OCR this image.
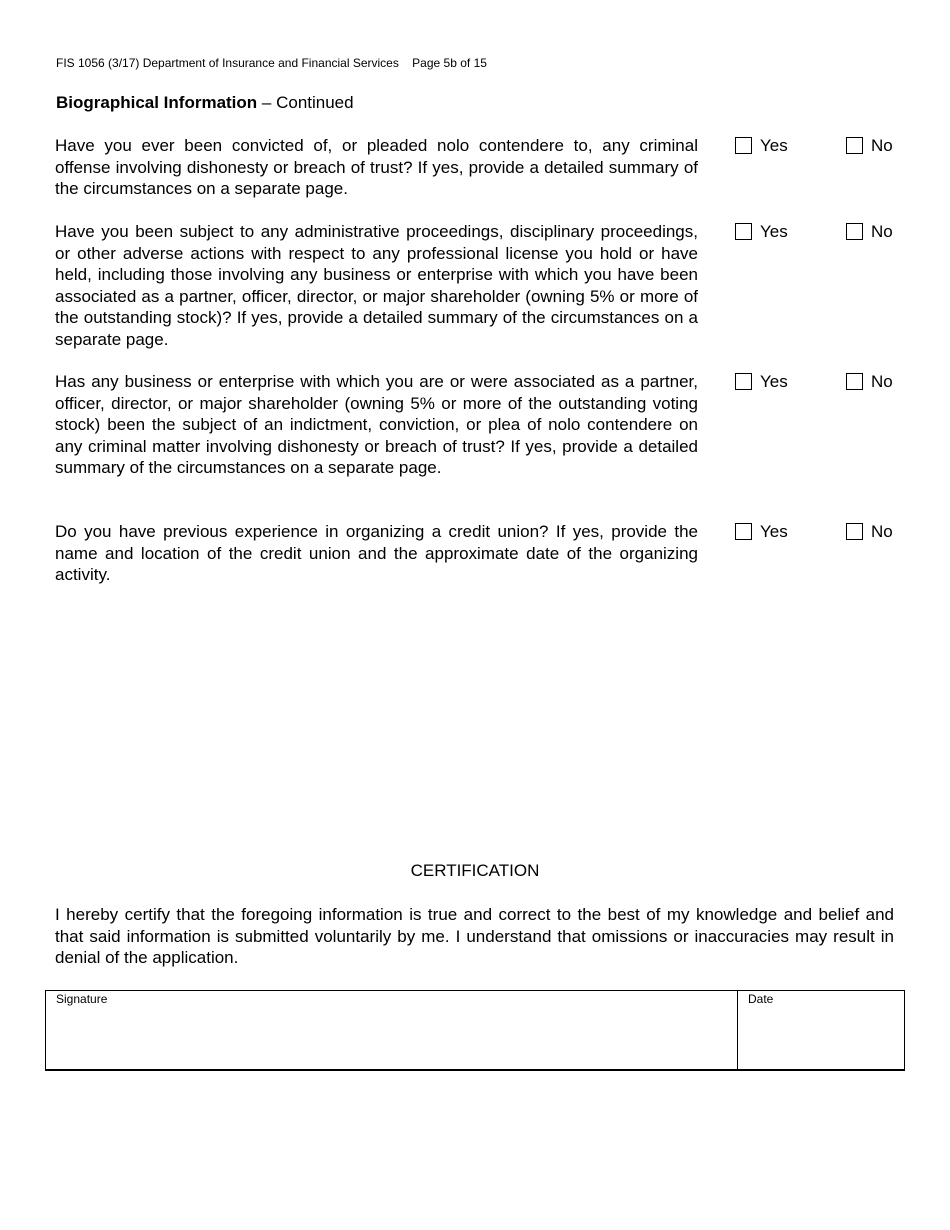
FIS 1056 (3/17) Department of Insurance and Financial Services    Page 5b of 15
Biographical Information – Continued
Have you ever been convicted of, or pleaded nolo contendere to, any criminal offense involving dishonesty or breach of trust? If yes, provide a detailed summary of the circumstances on a separate page.
Yes	No
Have you been subject to any administrative proceedings, disciplinary proceedings, or other adverse actions with respect to any professional license you hold or have held, including those involving any business or enterprise with which you have been associated as a partner, officer, director, or major shareholder (owning 5% or more of the outstanding stock)? If yes, provide a detailed summary of the circumstances on a separate page.
Yes	No
Has any business or enterprise with which you are or were associated as a partner, officer, director, or major shareholder (owning 5% or more of the outstanding voting stock) been the subject of an indictment, conviction, or plea of nolo contendere on any criminal matter involving dishonesty or breach of trust? If yes, provide a detailed summary of the circumstances on a separate page.
Yes	No
Do you have previous experience in organizing a credit union? If yes, provide the name and location of the credit union and the approximate date of the organizing activity.
Yes	No
CERTIFICATION
I hereby certify that the foregoing information is true and correct to the best of my knowledge and belief and that said information is submitted voluntarily by me. I understand that omissions or inaccuracies may result in denial of the application.
Signature	Date
